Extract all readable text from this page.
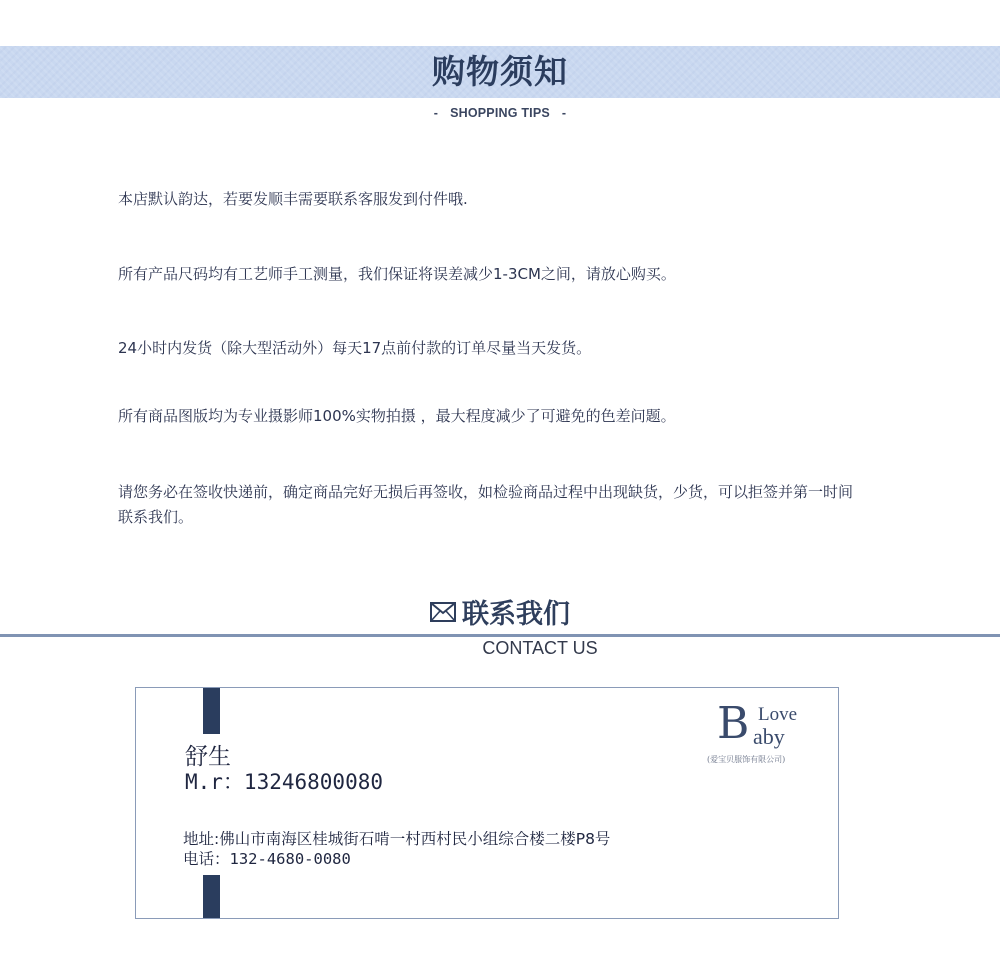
购物须知
- SHOPPING TIPS -
本店默认韵达，若要发顺丰需要联系客服发到付件哦.
所有产品尺码均有工艺师手工测量，我们保证将误差减少1-3CM之间，请放心购买。
24小时内发货（除大型活动外）每天17点前付款的订单尽量当天发货。
所有商品图版均为专业摄影师100%实物拍摄 ，最大程度减少了可避免的色差问题。
请您务必在签收快递前，确定商品完好无损后再签收，如检验商品过程中出现缺货，少货，可以拒签并第一时间联系我们。
联系我们
CONTACT US
舒生
M.r：13246800080
地址:佛山市南海区桂城街石啃一村西村民小组综合楼二楼P8号
电话：132-4680-0080
B Love
aby
(爱宝贝服饰有限公司)
